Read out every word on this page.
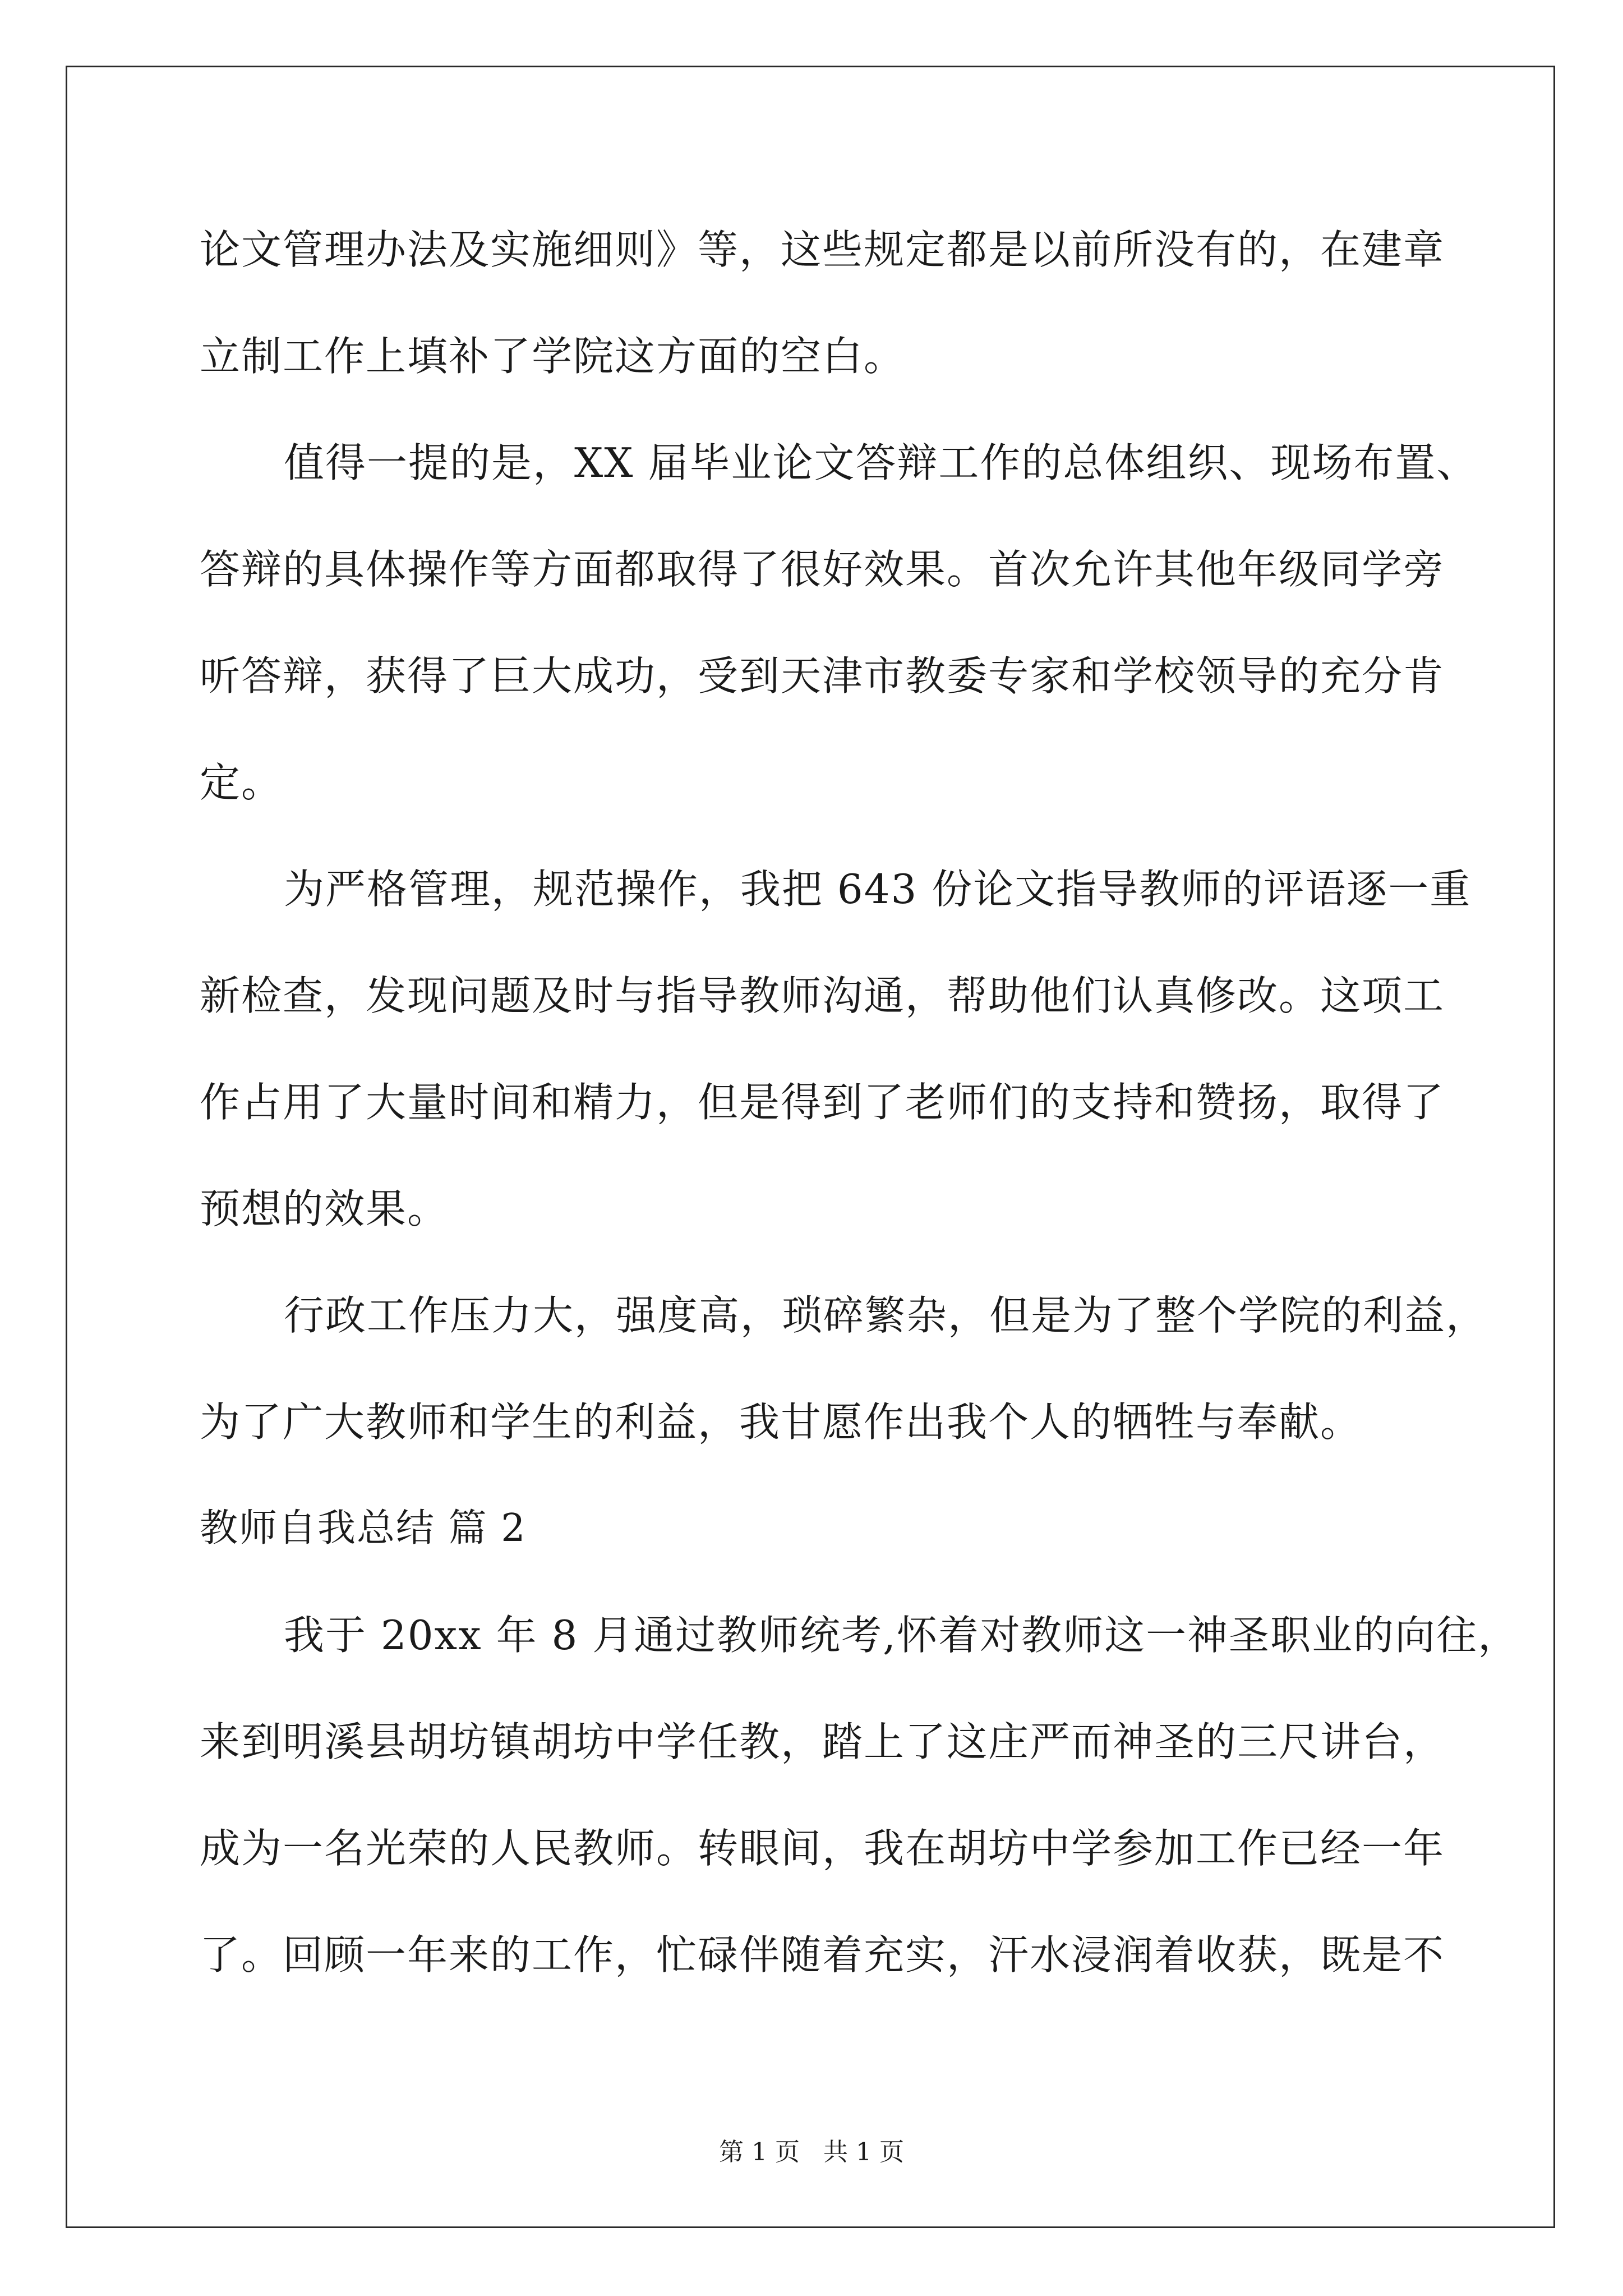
论文管理办法及实施细则》等，这些规定都是以前所没有的，在建章
立制工作上填补了学院这方面的空白。
值得一提的是，XX 届毕业论文答辩工作的总体组织、现场布置、
答辩的具体操作等方面都取得了很好效果。首次允许其他年级同学旁
听答辩，获得了巨大成功，受到天津市教委专家和学校领导的充分肯
定。
为严格管理，规范操作，我把 643 份论文指导教师的评语逐一重
新检查，发现问题及时与指导教师沟通，帮助他们认真修改。这项工
作占用了大量时间和精力，但是得到了老师们的支持和赞扬，取得了
预想的效果。
行政工作压力大，强度高，琐碎繁杂，但是为了整个学院的利益，
为了广大教师和学生的利益，我甘愿作出我个人的牺牲与奉献。
教师自我总结 篇 2
我于 20xx 年 8 月通过教师统考,怀着对教师这一神圣职业的向往，
来到明溪县胡坊镇胡坊中学任教，踏上了这庄严而神圣的三尺讲台，
成为一名光荣的人民教师。转眼间，我在胡坊中学参加工作已经一年
了。回顾一年来的工作，忙碌伴随着充实，汗水浸润着收获，既是不
第 1 页 共 1 页
